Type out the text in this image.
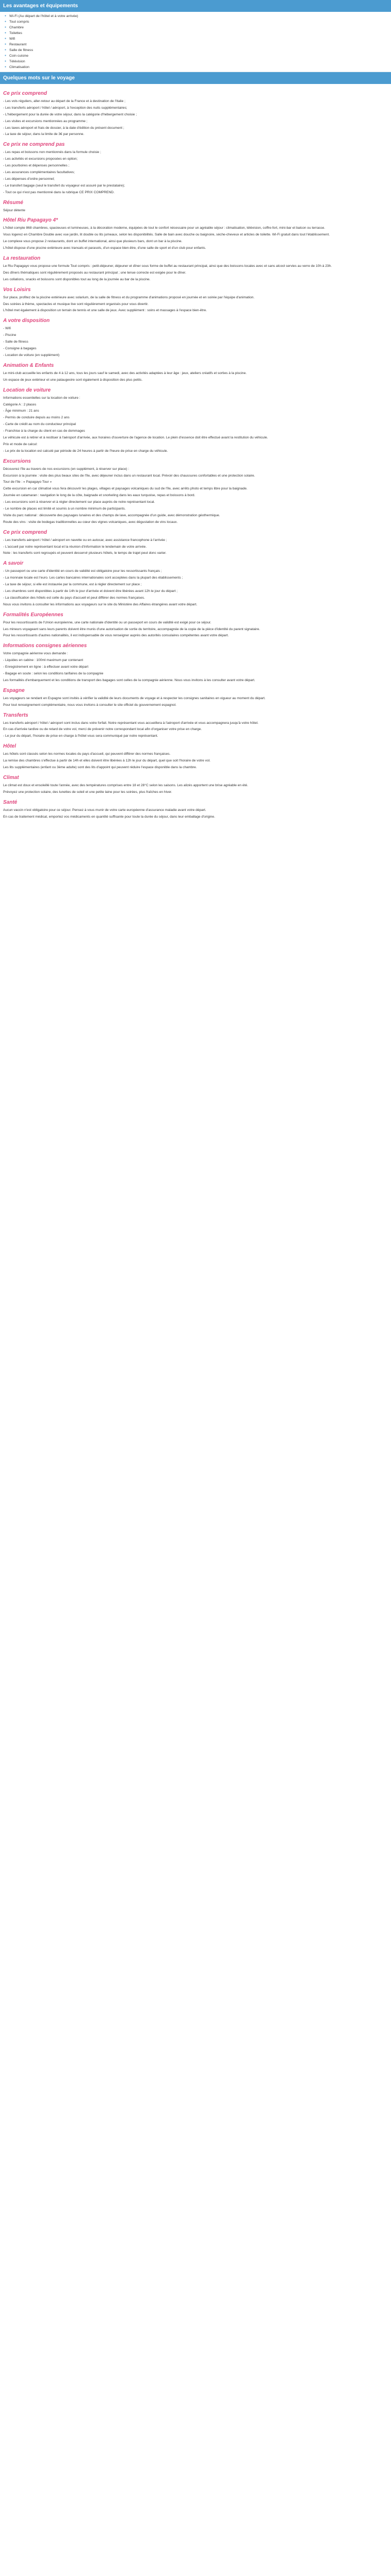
Les avantages et équipements
● Wi-Fi (Au départ de l'hôtel et à votre arrivée)
● Tout compris
● Chambre
● Toilettes
● Wifi
● Restaurant
● Salle de fitness
● Coin cuisine
● Télévision
● Climatisation
Quelques mots sur le voyage
Ce prix comprend

- Les vols réguliers, aller-retour au départ de la France et à destination de l'Italie ;

- Les transferts aéroport / hôtel / aéroport, à l'exception des nuits supplémentaires;

- L'hébergement pour la durée de votre séjour, dans la catégorie d'hébergement choisie ;

- Les visites et excursions mentionnées au programme ;

- Les taxes aéroport et frais de dossier, à la date d'édition du présent document ;

- La taxe de séjour, dans la limite de 3€ par personne.

Ce prix ne comprend pas

- Les repas et boissons non mentionnés dans la formule choisie ;

- Les activités et excursions proposées en option;

- Les pourboires et dépenses personnelles ;

- Les assurances complémentaires facultatives;

- Les dépenses d'ordre personnel;

- Le transfert bagage (seul le transfert du voyageur est assuré par le prestataire);

- Tout ce qui n'est pas mentionné dans la rubrique CE PRIX COMPREND.

Résumé

Séjour détente

Hôtel Riu Papagayo 4*

L'hôtel compte 868 chambres, spacieuses et lumineuses, à la décoration moderne, équipées de tout le confort nécessaire pour un agréable séjour : climatisation, télévision, coffre-fort, mini-bar et balcon ou terrasse.

Vous logerez en Chambre Double avec vue jardin, lit double ou lits jumeaux, selon les disponibilités. Salle de bain avec douche ou baignoire, sèche-cheveux et articles de toilette. Wi-Fi gratuit dans tout l'établissement.

Le complexe vous propose 2 restaurants, dont un buffet international, ainsi que plusieurs bars, dont un bar à la piscine.

L'hôtel dispose d'une piscine extérieure avec transats et parasols, d'un espace bien-être, d'une salle de sport et d'un club pour enfants.

La restauration

Le Riu Papagayo vous propose une formule Tout compris : petit-déjeuner, déjeuner et dîner sous forme de buffet au restaurant principal, ainsi que des boissons locales avec et sans alcool servies au verre de 10h à 23h.

Des dîners thématiques sont régulièrement proposés au restaurant principal ; une tenue correcte est exigée pour le dîner.

Les collations, snacks et boissons sont disponibles tout au long de la journée au bar de la piscine.

Vos Loisirs

Sur place, profitez de la piscine extérieure avec solarium, de la salle de fitness et du programme d'animations proposé en journée et en soirée par l'équipe d'animation.

Des soirées à thème, spectacles et musique live sont régulièrement organisés pour vous divertir.

L'hôtel met également à disposition un terrain de tennis et une salle de jeux. Avec supplément : soins et massages à l'espace bien-être.

A votre disposition

- Wifi

- Piscine

- Salle de fitness

- Consigne à bagages

- Location de voiture (en supplément)

Animation & Enfants

Le mini-club accueille les enfants de 4 à 12 ans, tous les jours sauf le samedi, avec des activités adaptées à leur âge : jeux, ateliers créatifs et sorties à la piscine.

Un espace de jeux extérieur et une pataugeoire sont également à disposition des plus petits.

Location de voiture

Informations essentielles sur la location de voiture :

Catégorie A : 2 places

- Âge minimum : 21 ans

- Permis de conduire depuis au moins 2 ans

- Carte de crédit au nom du conducteur principal

- Franchise à la charge du client en cas de dommages

Le véhicule est à retirer et à restituer à l'aéroport d'arrivée, aux horaires d'ouverture de l'agence de location. Le plein d'essence doit être effectué avant la restitution du véhicule.

Prix et mode de calcul:

- Le prix de la location est calculé par période de 24 heures à partir de l'heure de prise en charge du véhicule.

Excursions

Découvrez l'île au travers de nos excursions (en supplément, à réserver sur place) :

Excursion à la journée : visite des plus beaux sites de l'île, avec déjeuner inclus dans un restaurant local. Prévoir des chaussures confortables et une protection solaire.

Tour de l'île : « Papagayo Tour »

Cette excursion en car climatisé vous fera découvrir les plages, villages et paysages volcaniques du sud de l'île, avec arrêts photo et temps libre pour la baignade.

Journée en catamaran : navigation le long de la côte, baignade et snorkeling dans les eaux turquoise, repas et boissons à bord.

- Les excursions sont à réserver et à régler directement sur place auprès de notre représentant local.

- Le nombre de places est limité et soumis à un nombre minimum de participants.

Visite du parc national : découverte des paysages lunaires et des champs de lave, accompagnée d'un guide, avec démonstration géothermique.

Route des vins : visite de bodegas traditionnelles au cœur des vignes volcaniques, avec dégustation de vins locaux.

Ce prix comprend

- Les transferts aéroport / hôtel / aéroport en navette ou en autocar, avec assistance francophone à l'arrivée ;

- L'accueil par notre représentant local et la réunion d'information le lendemain de votre arrivée.

Note : les transferts sont regroupés et peuvent desservir plusieurs hôtels, le temps de trajet peut donc varier.

A savoir

- Un passeport ou une carte d'identité en cours de validité est obligatoire pour les ressortissants français ;

- La monnaie locale est l'euro. Les cartes bancaires internationales sont acceptées dans la plupart des établissements ;

- La taxe de séjour, si elle est instaurée par la commune, est à régler directement sur place ;

- Les chambres sont disponibles à partir de 14h le jour d'arrivée et doivent être libérées avant 12h le jour du départ ;

- La classification des hôtels est celle du pays d'accueil et peut différer des normes françaises.

Nous vous invitons à consulter les informations aux voyageurs sur le site du Ministère des Affaires étrangères avant votre départ.

Formalités Européennes

Pour les ressortissants de l'Union européenne, une carte nationale d'identité ou un passeport en cours de validité est exigé pour ce séjour.

Les mineurs voyageant sans leurs parents doivent être munis d'une autorisation de sortie du territoire, accompagnée de la copie de la pièce d'identité du parent signataire.

Pour les ressortissants d'autres nationalités, il est indispensable de vous renseigner auprès des autorités consulaires compétentes avant votre départ.

Informations consignes aériennes

Votre compagnie aérienne vous demande :

- Liquides en cabine : 100ml maximum par contenant

- Enregistrement en ligne : à effectuer avant votre départ

- Bagage en soute : selon les conditions tarifaires de la compagnie

Les formalités d'embarquement et les conditions de transport des bagages sont celles de la compagnie aérienne. Nous vous invitons à les consulter avant votre départ.

Espagne

Les voyageurs se rendant en Espagne sont invités à vérifier la validité de leurs documents de voyage et à respecter les consignes sanitaires en vigueur au moment du départ.

Pour tout renseignement complémentaire, nous vous invitons à consulter le site officiel du gouvernement espagnol.

Transferts

Les transferts aéroport / hôtel / aéroport sont inclus dans votre forfait. Notre représentant vous accueillera à l'aéroport d'arrivée et vous accompagnera jusqu'à votre hôtel.

En cas d'arrivée tardive ou de retard de votre vol, merci de prévenir notre correspondant local afin d'organiser votre prise en charge.

- Le jour du départ, l'horaire de prise en charge à l'hôtel vous sera communiqué par notre représentant.

Hôtel

Les hôtels sont classés selon les normes locales du pays d'accueil, qui peuvent différer des normes françaises.

La remise des chambres s'effectue à partir de 14h et elles doivent être libérées à 12h le jour du départ, quel que soit l'horaire de votre vol.

Les lits supplémentaires (enfant ou 3ème adulte) sont des lits d'appoint qui peuvent réduire l'espace disponible dans la chambre.

Climat

Le climat est doux et ensoleillé toute l'année, avec des températures comprises entre 18 et 28°C selon les saisons. Les alizés apportent une brise agréable en été.

Prévoyez une protection solaire, des lunettes de soleil et une petite laine pour les soirées, plus fraîches en hiver.

Santé

Aucun vaccin n'est obligatoire pour ce séjour. Pensez à vous munir de votre carte européenne d'assurance maladie avant votre départ.

En cas de traitement médical, emportez vos médicaments en quantité suffisante pour toute la durée du séjour, dans leur emballage d'origine.
